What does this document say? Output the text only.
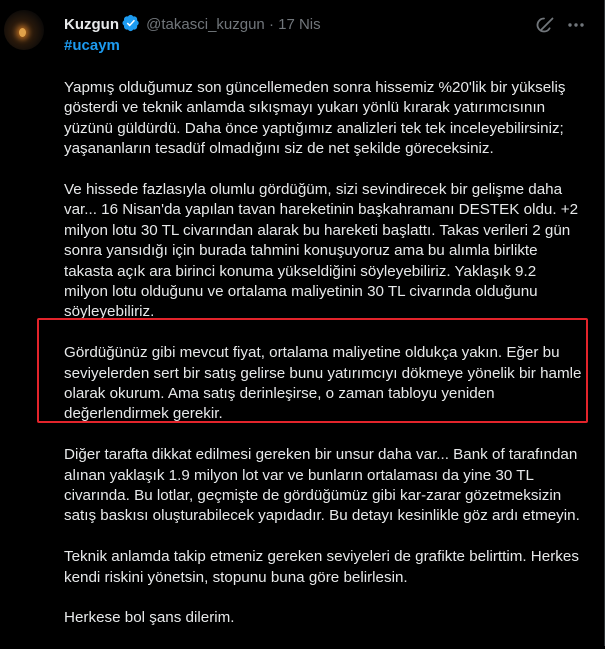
Kuzgun @takasci_kuzgun · 17 Nis
#ucaym

Yapmış olduğumuz son güncellemeden sonra hissemiz %20'lik bir yükseliş gösterdi ve teknik anlamda sıkışmayı yukarı yönlü kırarak yatırımcısının yüzünü güldürdü. Daha önce yaptığımız analizleri tek tek inceleyebilirsiniz; yaşananların tesadüf olmadığını siz de net şekilde göreceksiniz.

Ve hissede fazlasıyla olumlu gördüğüm, sizi sevindirecek bir gelişme daha var... 16 Nisan'da yapılan tavan hareketinin başkahramanı DESTEK oldu. +2 milyon lotu 30 TL civarından alarak bu hareketi başlattı. Takas verileri 2 gün sonra yansıdığı için burada tahmini konuşuyoruz ama bu alımla birlikte takasta açık ara birinci konuma yükseldiğini söyleyebiliriz. Yaklaşık 9.2 milyon lotu olduğunu ve ortalama maliyetinin 30 TL civarında olduğunu söyleyebiliriz.

Gördüğünüz gibi mevcut fiyat, ortalama maliyetine oldukça yakın. Eğer bu seviyelerden sert bir satış gelirse bunu yatırımcıyı dökmeye yönelik bir hamle olarak okurum. Ama satış derinleşirse, o zaman tabloyu yeniden değerlendirmek gerekir.

Diğer tarafta dikkat edilmesi gereken bir unsur daha var... Bank of tarafından alınan yaklaşık 1.9 milyon lot var ve bunların ortalaması da yine 30 TL civarında. Bu lotlar, geçmişte de gördüğümüz gibi kar-zarar gözetmeksizin satış baskısı oluşturabilecek yapıdadır. Bu detayı kesinlikle göz ardı etmeyin.

Teknik anlamda takip etmeniz gereken seviyeleri de grafikte belirttim. Herkes kendi riskini yönetsin, stopunu buna göre belirlesin.

Herkese bol şans dilerim.
